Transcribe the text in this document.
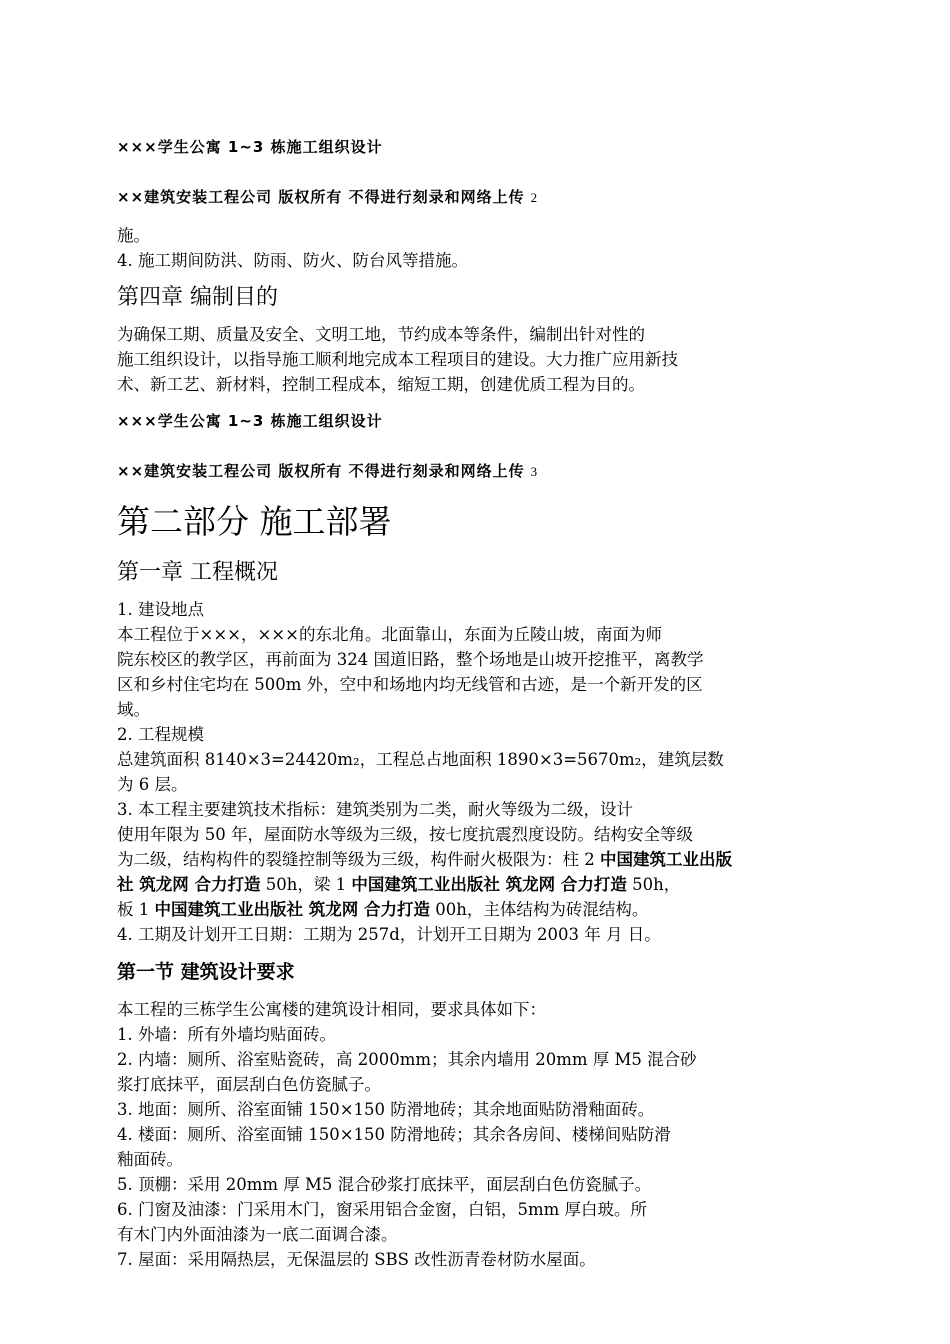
×××学生公寓 1~3 栋施工组织设计
××建筑安装工程公司 版权所有 不得进行刻录和网络上传 2
施。
4. 施工期间防洪、防雨、防火、防台风等措施。
第四章 编制目的
为确保工期、质量及安全、文明工地，节约成本等条件，编制出针对性的
施工组织设计，以指导施工顺利地完成本工程项目的建设。大力推广应用新技
术、新工艺、新材料，控制工程成本，缩短工期，创建优质工程为目的。
×××学生公寓 1~3 栋施工组织设计
××建筑安装工程公司 版权所有 不得进行刻录和网络上传 3
第二部分 施工部署
第一章 工程概况
1. 建设地点
本工程位于×××，×××的东北角。北面靠山，东面为丘陵山坡，南面为师
院东校区的教学区，再前面为 324 国道旧路，整个场地是山坡开挖推平，离教学
区和乡村住宅均在 500m 外，空中和场地内均无线管和古迹，是一个新开发的区
域。
2. 工程规模
总建筑面积 8140×3=24420m₂，工程总占地面积 1890×3=5670m₂，建筑层数
为 6 层。
3. 本工程主要建筑技术指标：建筑类别为二类，耐火等级为二级，设计
使用年限为 50 年，屋面防水等级为三级，按七度抗震烈度设防。结构安全等级
为二级，结构构件的裂缝控制等级为三级，构件耐火极限为：柱 2 中国建筑工业出版
社 筑龙网 合力打造 50h，梁 1 中国建筑工业出版社 筑龙网 合力打造 50h，
板 1 中国建筑工业出版社 筑龙网 合力打造 00h，主体结构为砖混结构。
4. 工期及计划开工日期：工期为 257d，计划开工日期为 2003 年 月 日。
第一节 建筑设计要求
本工程的三栋学生公寓楼的建筑设计相同，要求具体如下：
1. 外墙：所有外墙均贴面砖。
2. 内墙：厕所、浴室贴瓷砖，高 2000mm；其余内墙用 20mm 厚 M5 混合砂
浆打底抹平，面层刮白色仿瓷腻子。
3. 地面：厕所、浴室面铺 150×150 防滑地砖；其余地面贴防滑釉面砖。
4. 楼面：厕所、浴室面铺 150×150 防滑地砖；其余各房间、楼梯间贴防滑
釉面砖。
5. 顶棚：采用 20mm 厚 M5 混合砂浆打底抹平，面层刮白色仿瓷腻子。
6. 门窗及油漆：门采用木门，窗采用铝合金窗，白铝，5mm 厚白玻。所
有木门内外面油漆为一底二面调合漆。
7. 屋面：采用隔热层，无保温层的 SBS 改性沥青卷材防水屋面。
